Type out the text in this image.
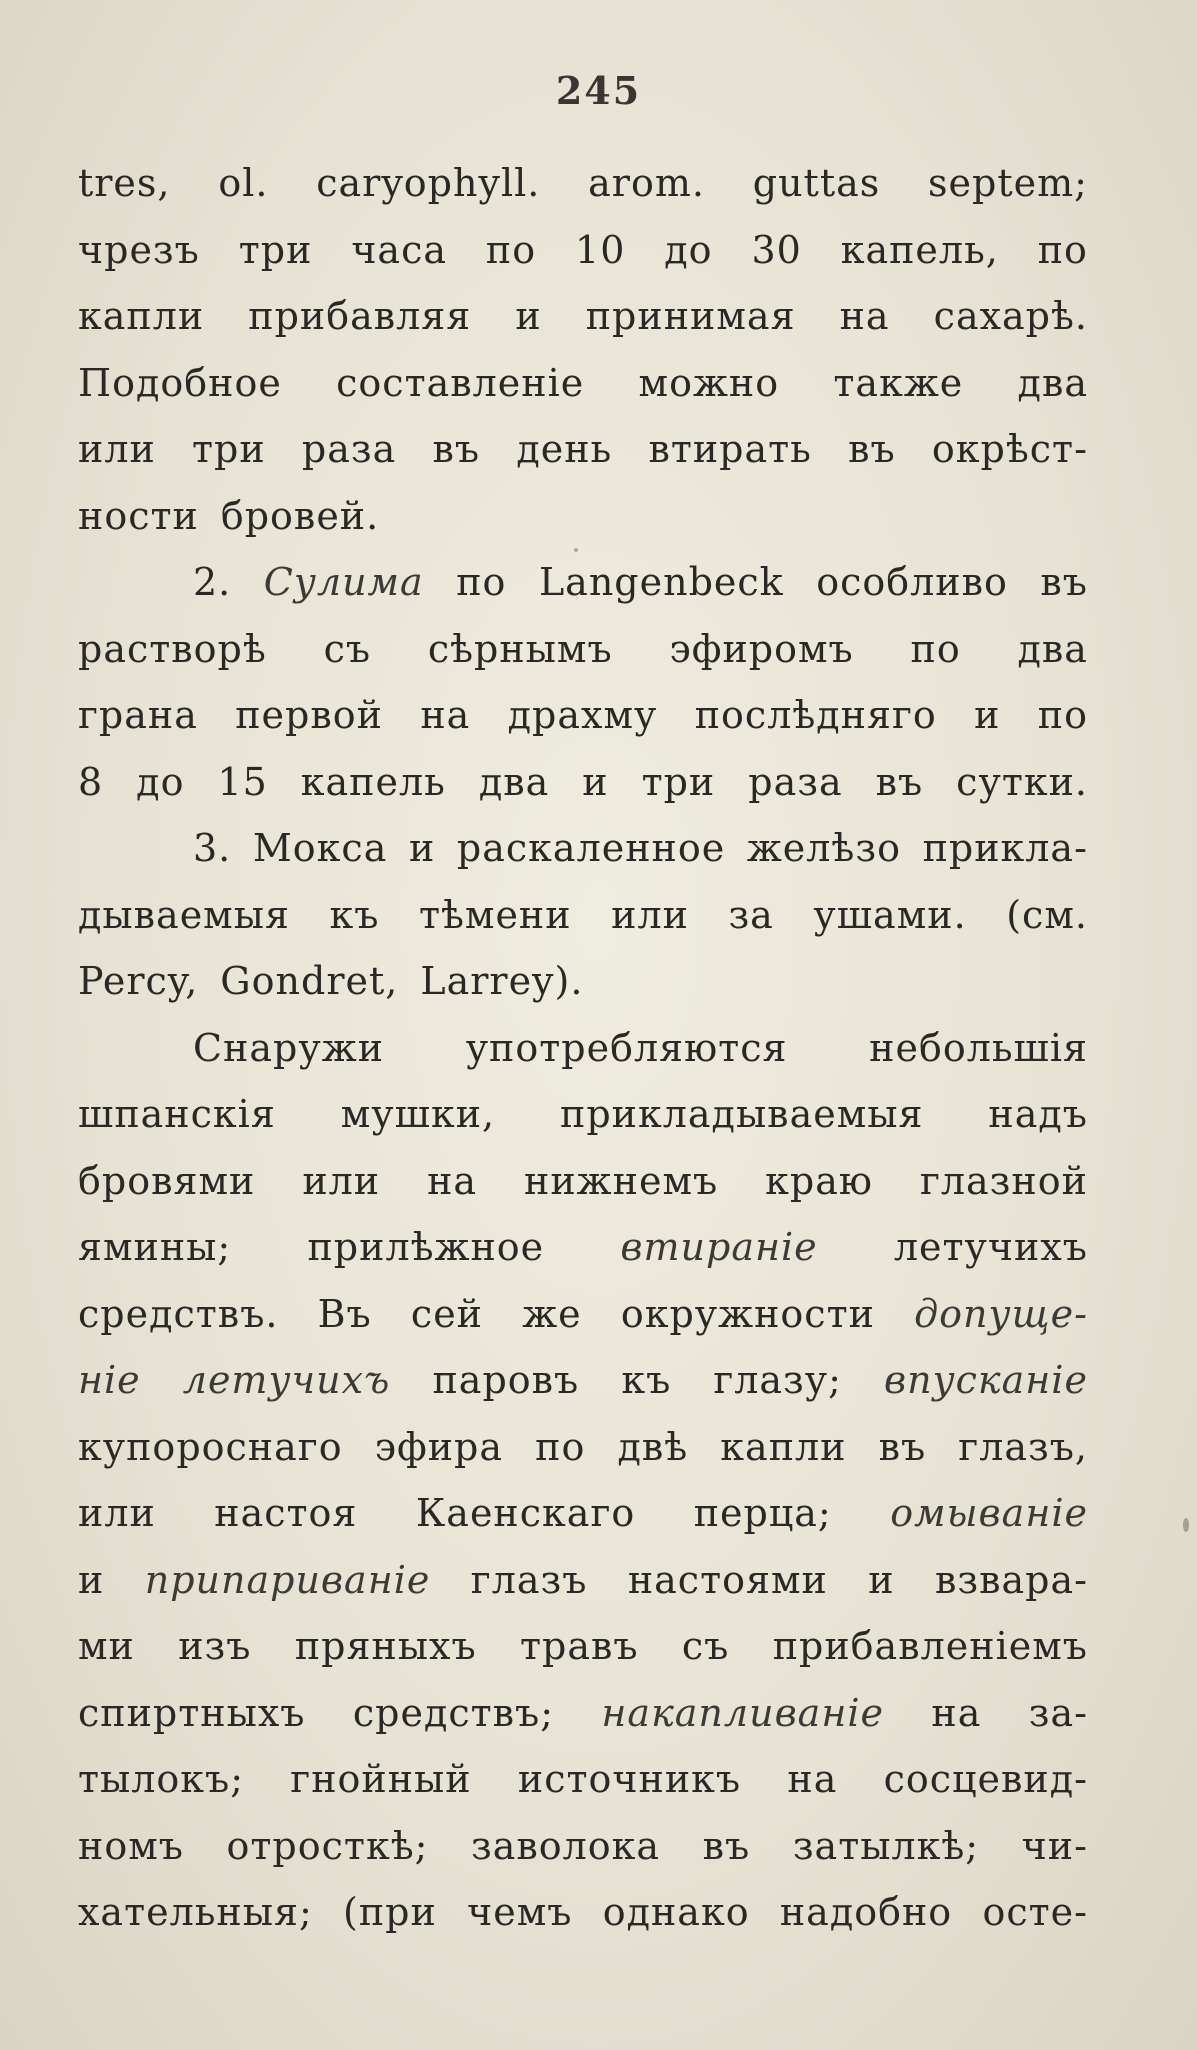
245
tres, ol. caryophyll. arom. guttas septem;
чрезъ три часа по 10 до 30 капель, по
капли прибавляя и принимая на сахарѣ.
Подобное составленіе можно также два
или три раза въ день втирать въ окрѣст-
ности бровей.
2. Сулима по Langenbeck особливо въ
раствoрѣ съ сѣрнымъ эфиромъ по два
грана первой на драхму послѣдняго и по
8 до 15 капель два и три раза въ сутки.
3. Мокса и раскаленное желѣзо прикла-
дываемыя къ тѣмени или за ушами. (см.
Percy, Gondret, Larrey).
Снаружи употребляются небольшія
шпанскія мушки, прикладываемыя надъ
бровями или на нижнемъ краю глазной
ямины; прилѣжное втираніе летучихъ
средствъ. Въ сей же окружности допуще-
ніе летучихъ паровъ къ глазу; впусканіе
купороснаго эфира по двѣ капли въ глазъ,
или настоя Каенскаго перца; омываніе
и припариваніе глазъ настоями и взвара-
ми изъ пряныхъ травъ съ прибавленіемъ
спиртныхъ средствъ; накапливаніе на за-
тылокъ; гнойный источникъ на сосцевид-
номъ отросткѣ; заволока въ затылкѣ; чи-
хательныя; (при чемъ однако надобно осте-
